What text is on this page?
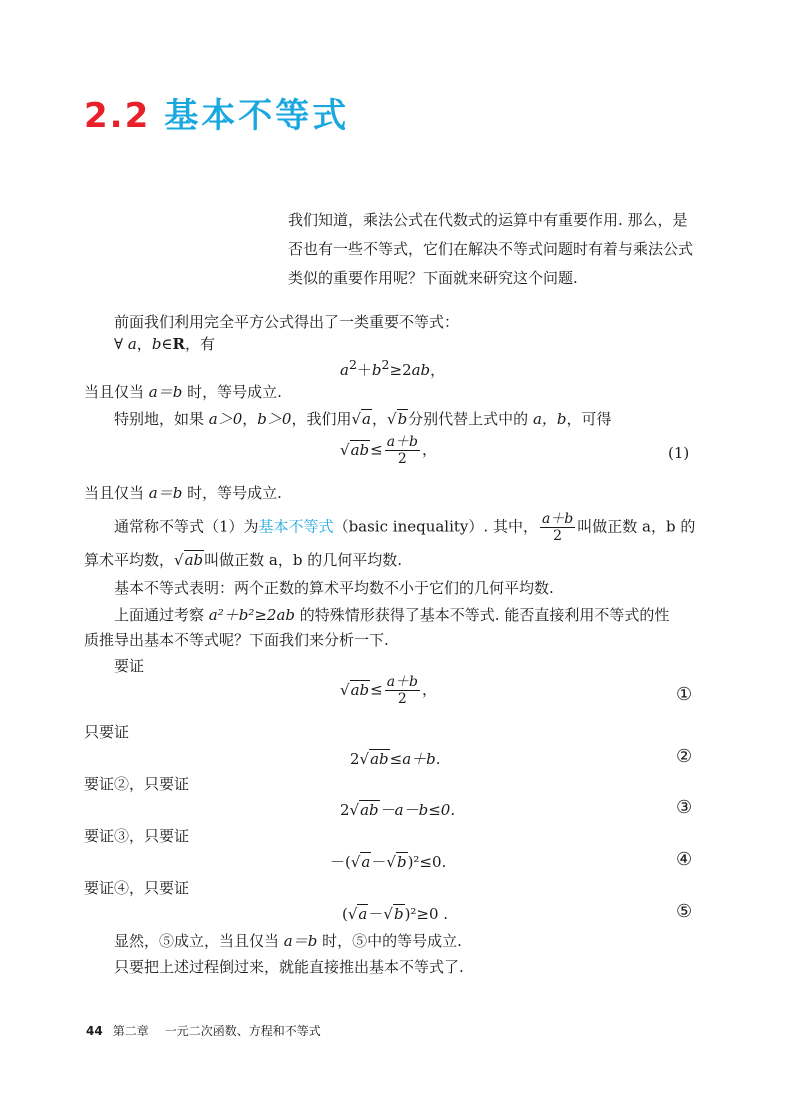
2.2 基本不等式
我们知道，乘法公式在代数式的运算中有重要作用. 那么，是否也有一些不等式，它们在解决不等式问题时有着与乘法公式类似的重要作用呢？下面就来研究这个问题.
前面我们利用完全平方公式得出了一类重要不等式：
∀ a，b∈R，有
$a^2+b^2\ge 2ab$，
当且仅当 a＝b 时，等号成立.
特别地，如果 a＞0，b＞0，我们用√a，√b分别代替上式中的 a，b，可得
$√ab\le \frac{a+b}{2}$ ，	(1)
当且仅当 a＝b 时，等号成立.
通常称不等式（1）为基本不等式（basic inequality）. 其中， $\frac{a+b}{2}$ 叫做正数 a，b 的
算术平均数，√ab叫做正数 a，b 的几何平均数.
基本不等式表明：两个正数的算术平均数不小于它们的几何平均数.
上面通过考察 a²＋b²≥2ab 的特殊情形获得了基本不等式. 能否直接利用不等式的性
质推导出基本不等式呢？下面我们来分析一下.
要证
$√ab\le \frac{a+b}{2}$ ，	①
只要证
2√ab≤a＋b.	②
要证②，只要证
2√ab－a－b≤0.	③
要证③，只要证
－(√a－√b)²≤0.	④
要证④，只要证
(√a－√b)²≥0 .	⑤
显然，⑤成立，当且仅当 a＝b 时，⑤中的等号成立.
只要把上述过程倒过来，就能直接推出基本不等式了.
44 第二章 一元二次函数、方程和不等式
